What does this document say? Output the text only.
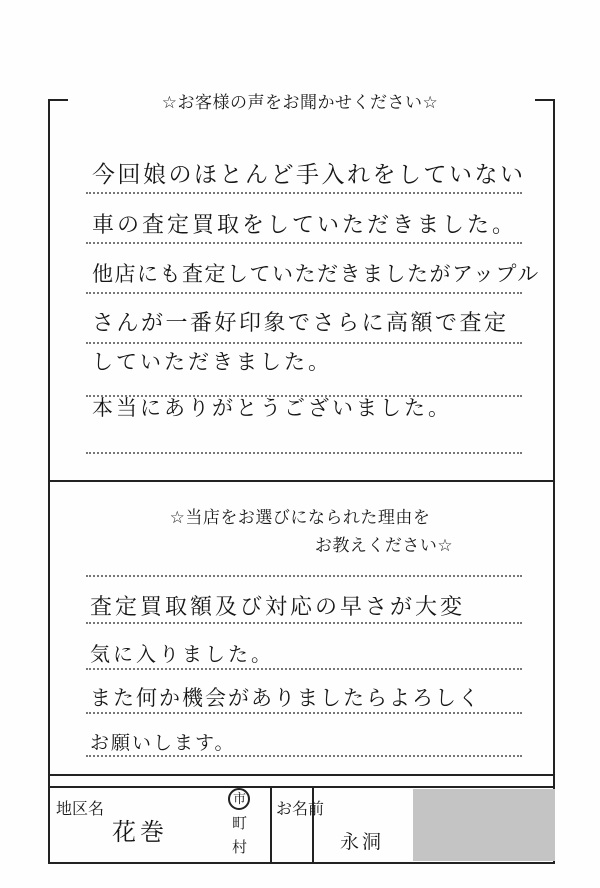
☆お客様の声をお聞かせください☆
今回娘のほとんど手入れをしていない
車の査定買取をしていただきました。
他店にも査定していただきましたがアップル
さんが一番好印象でさらに高額で査定
していただきました。
本当にありがとうございました。
☆当店をお選びになられた理由を
お教えください☆
査定買取額及び対応の早さが大変
気に入りました。
また何か機会がありましたらよろしく
お願いします。
地区名
花巻
市
町
村
お名前
永洞
